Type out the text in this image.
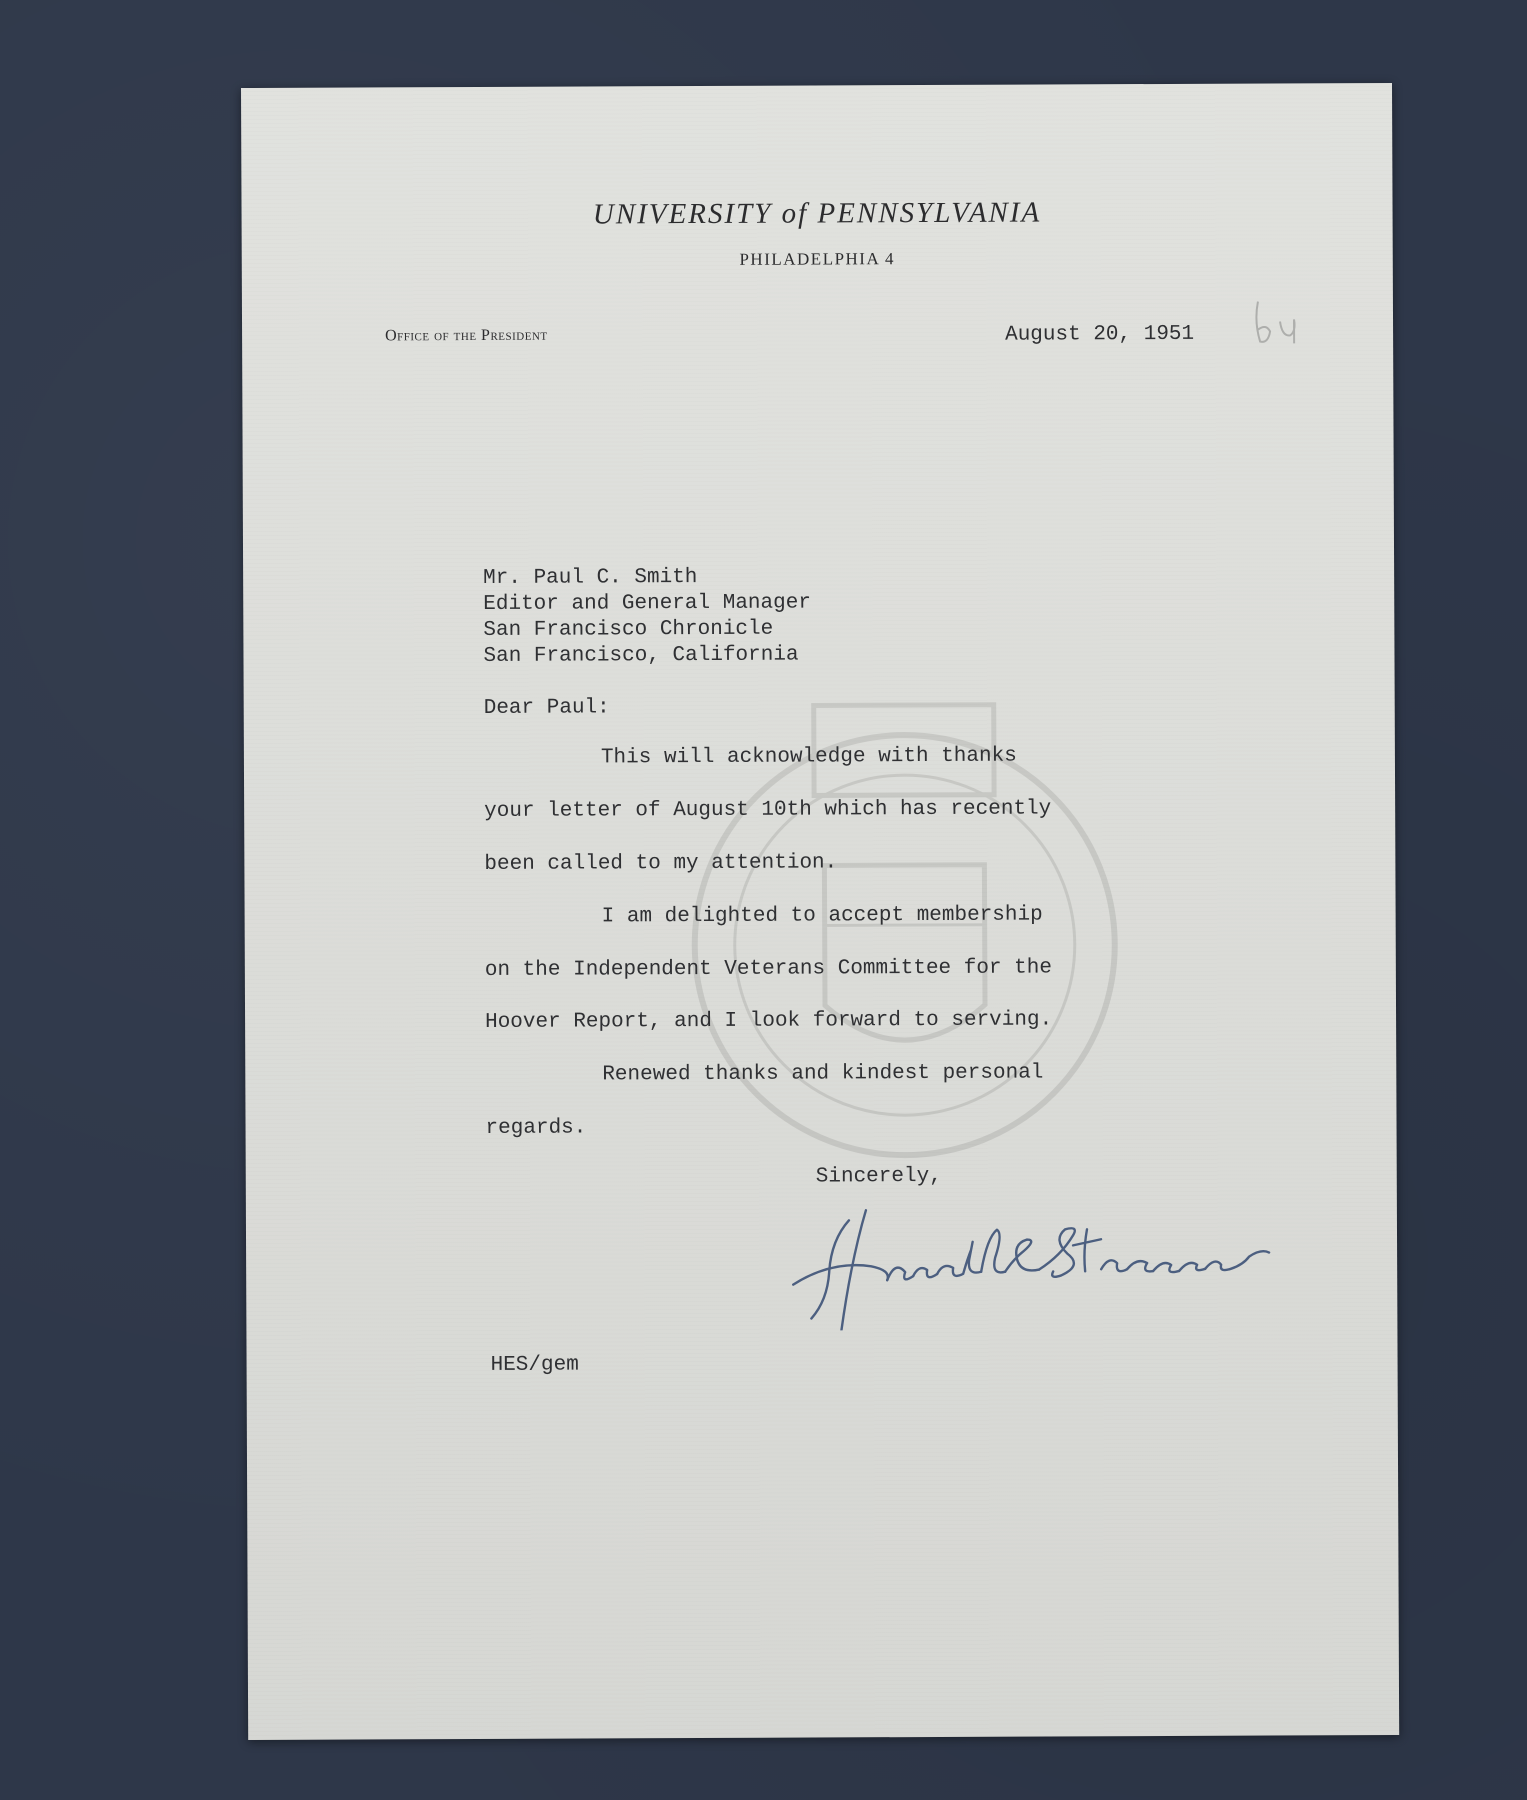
UNIVERSITY of PENNSYLVANIA
PHILADELPHIA 4
Office of the President	August 20, 1951
Mr. Paul C. Smith
Editor and General Manager
San Francisco Chronicle
San Francisco, California
Dear Paul:
This will acknowledge with thanks
your letter of August 10th which has recently
been called to my attention.
I am delighted to accept membership
on the Independent Veterans Committee for the
Hoover Report, and I look forward to serving.
Renewed thanks and kindest personal
regards.
Sincerely,
HES/gem
